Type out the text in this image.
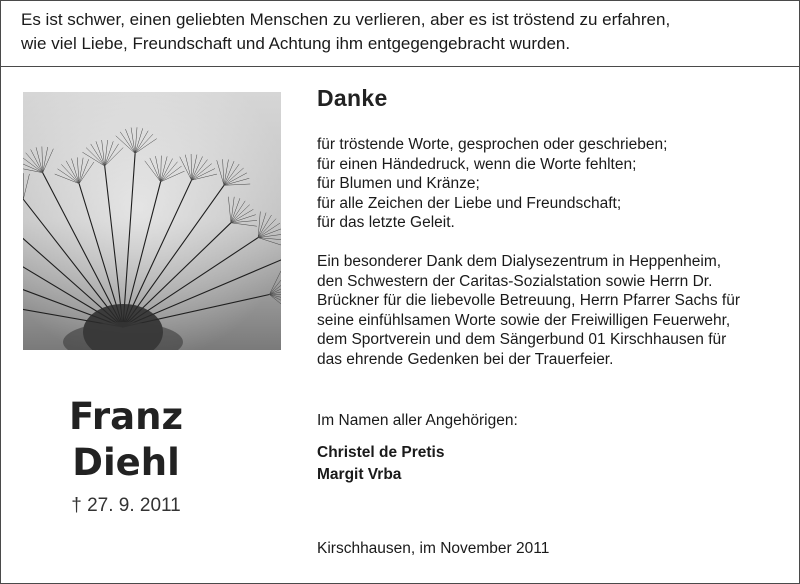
Es ist schwer, einen geliebten Menschen zu verlieren, aber es ist tröstend zu erfahren,
wie viel Liebe, Freundschaft und Achtung ihm entgegengebracht wurden.
Franz
Diehl
† 27. 9. 2011
Danke
für tröstende Worte, gesprochen oder geschrieben;
für einen Händedruck, wenn die Worte fehlten;
für Blumen und Kränze;
für alle Zeichen der Liebe und Freundschaft;
für das letzte Geleit.
Ein besonderer Dank dem Dialysezentrum in Heppenheim,
den Schwestern der Caritas-Sozialstation sowie Herrn Dr.
Brückner für die liebevolle Betreuung, Herrn Pfarrer Sachs für
seine einfühlsamen Worte sowie der Freiwilligen Feuerwehr,
dem Sportverein und dem Sängerbund 01 Kirschhausen für
das ehrende Gedenken bei der Trauerfeier.
Im Namen aller Angehörigen:
Christel de Pretis
Margit Vrba
Kirschhausen, im November 2011
